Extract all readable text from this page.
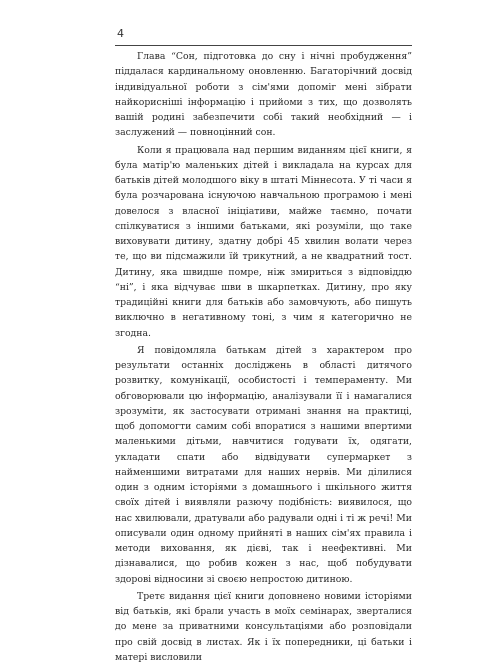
4

Глава “Сон, підготовка до сну і нічні пробудження” піддалася кардинальному оновленню. Багаторічний досвід індивідуальної роботи з сім'ями допоміг мені зібрати найкорисніші інформацію і прийоми з тих, що дозволять вашій родині забезпечити собі такий необхідний — і заслужений — повноцінний сон.

Коли я працювала над першим виданням цієї книги, я була матір'ю маленьких дітей і викладала на курсах для батьків дітей молодшого віку в штаті Міннесота. У ті часи я була розчарована існуючою навчальною програмою і мені довелося з власної ініціативи, майже таємно, почати спілкуватися з іншими батьками, які розуміли, що таке виховувати дитину, здатну добрі 45 хвилин волати через те, що ви підсмажили їй трикутний, а не квадратний тост. Дитину, яка швидше помре, ніж змириться з відповіддю “ні”, і яка відчуває шви в шкарпетках. Дитину, про яку традиційні книги для батьків або замовчують, або пишуть виключно в негативному тоні, з чим я категорично не згодна.

Я повідомляла батькам дітей з характером про результати останніх досліджень в області дитячого розвитку, комунікації, особистості і темпераменту. Ми обговорювали цю інформацію, аналізували її і намагалися зрозуміти, як застосувати отримані знання на практиці, щоб допомогти самим собі впоратися з нашими впертими маленькими дітьми, навчитися годувати їх, одягати, укладати спати або відвідувати супермаркет з найменшими витратами для наших нервів. Ми ділилися один з одним історіями з домашнього і шкільного життя своїх дітей і виявляли разючу подібність: виявилося, що нас хвилювали, дратували або радували одні і ті ж речі! Ми описували один одному прийняті в наших сім'ях правила і методи виховання, як дієві, так і неефективні. Ми дізнавалися, що робив кожен з нас, щоб побудувати здорові відносини зі своєю непростою дитиною.

Третє видання цієї книги доповнено новими історіями від батьків, які брали участь в моїх семінарах, зверталися до мене за приватними консультаціями або розповідали про свій досвід в листах. Як і їх попередники, ці батьки і матері висловили
